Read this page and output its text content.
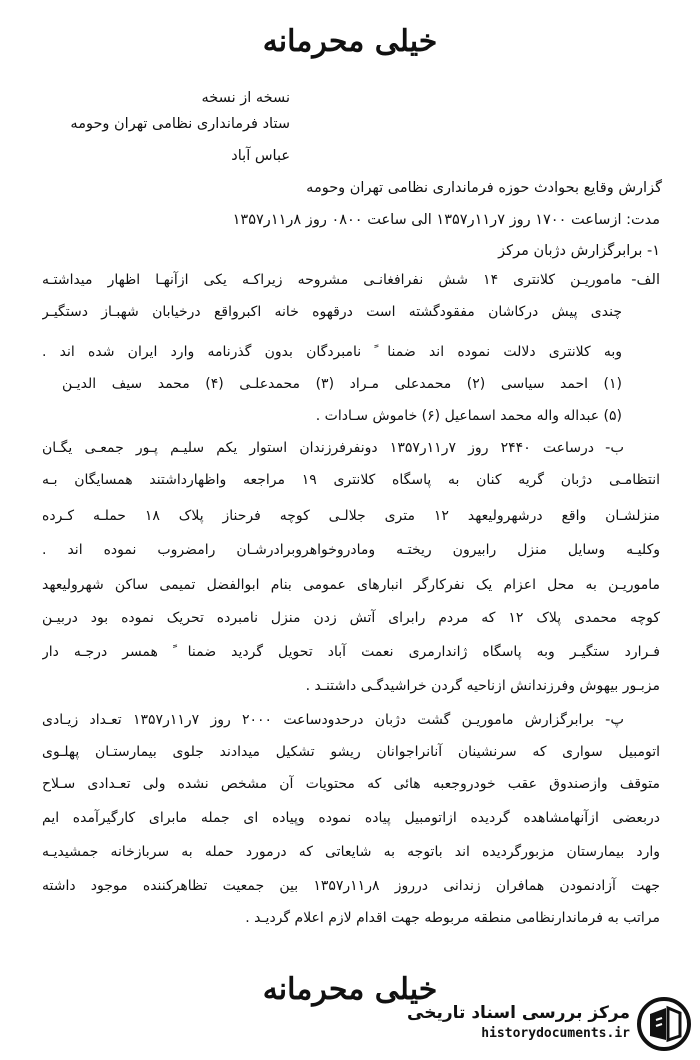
خیلی محرمانه
نسخه از نسخه
ستاد فرمانداری نظامی تهران وحومه
عباس آباد
گزارش وقایع بحوادث حوزه فرمانداری نظامی تهران وحومه
مدت: ازساعت ۱۷۰۰ روز ۷ر۱۱ر۱۳۵۷ الی ساعت ۰۸۰۰ روز ۸ر۱۱ر۱۳۵۷
۱- برابرگزارش دژبان مرکز
الف-
ماموریـن کلانتری ۱۴ شش نفرافغانـی مشروحه زیراکـه یکی ازآنهـا اظهار میداشتـه
چندی پیش درکاشان مفقودگشته است درقهوه خانه اکبرواقع درخیابان شهبـاز دستگیـر
وبه کلانتری دلالت نموده اند ضمنا ً نامبردگان بدون گذرنامه وارد ایران شده اند .
(۱) احمد سیاسی (۲) محمدعلی مـراد (۳) محمدعلـی (۴) محمد سیف الدیـن
(۵) عبداله واله محمد اسماعیل (۶) خاموش سـادات .
ب-
درساعت ۲۴۴۰ روز ۷ر۱۱ر۱۳۵۷ دونفرفرزندان استوار یکم سلیـم پـور جمعـی یگـان
انتظامـی دژبان گریه کنان به پاسگاه کلانتری ۱۹ مراجعه واظهارداشتند همسایگان بـه
منزلشـان واقع درشهرولیعهد ۱۲ متری جلالـی کوچه فرحناز پلاک ۱۸ حملـه کـرده
وکلیـه وسایل منزل رابیرون ریختـه ومادروخواهروبرادرشـان رامضروب نموده اند .
ماموریـن به محل اعزام یک نفرکارگر انبارهای عمومی بنام ابوالفضل تمیمی ساکن شهرولیعهد
کوچه محمدی پلاک ۱۲ که مردم رابرای آتش زدن منزل نامبرده تحریک نموده بود دربیـن
فـرارد ستگیـر وبه پاسگاه ژاندارمری نعمت آباد تحویل گردید ضمنا ً همسر درجـه دار
مزبـور بیهوش وفرزندانش ازناحیه گردن خراشیدگـی داشتنـد .
پ-
برابرگزارش ماموریـن گشت دژبان درحدودساعت ۲۰۰۰ روز ۷ر۱۱ر۱۳۵۷ تعـداد زیـادی
اتومبیل سواری که سرنشینان آنانراجوانان ریشو تشکیل میدادند جلوی بیمارستـان پهلـوی
متوقف وازصندوق عقب خودروجعبه هائی که محتویات آن مشخص نشده ولی تعـدادی سـلاح
دربعضی ازآنهامشاهده گردیده ازاتومبیل پیاده نموده وپیاده ای جمله مابرای کارگیرآمده ایم
وارد بیمارستان مزبورگردیده اند باتوجه به شایعاتی که درمورد حمله به سربازخانه جمشیدیـه
جهت آزادنمودن همافران زندانی درروز ۸ر۱۱ر۱۳۵۷ بین جمعیت تظاهرکننده موجود داشته
مراتب به فرماندارنظامی منطقه مربوطه جهت اقدام لازم اعلام گردیـد .
خیلی محرمانه
مرکز بررسی اسناد تاریخی
historydocuments.ir
